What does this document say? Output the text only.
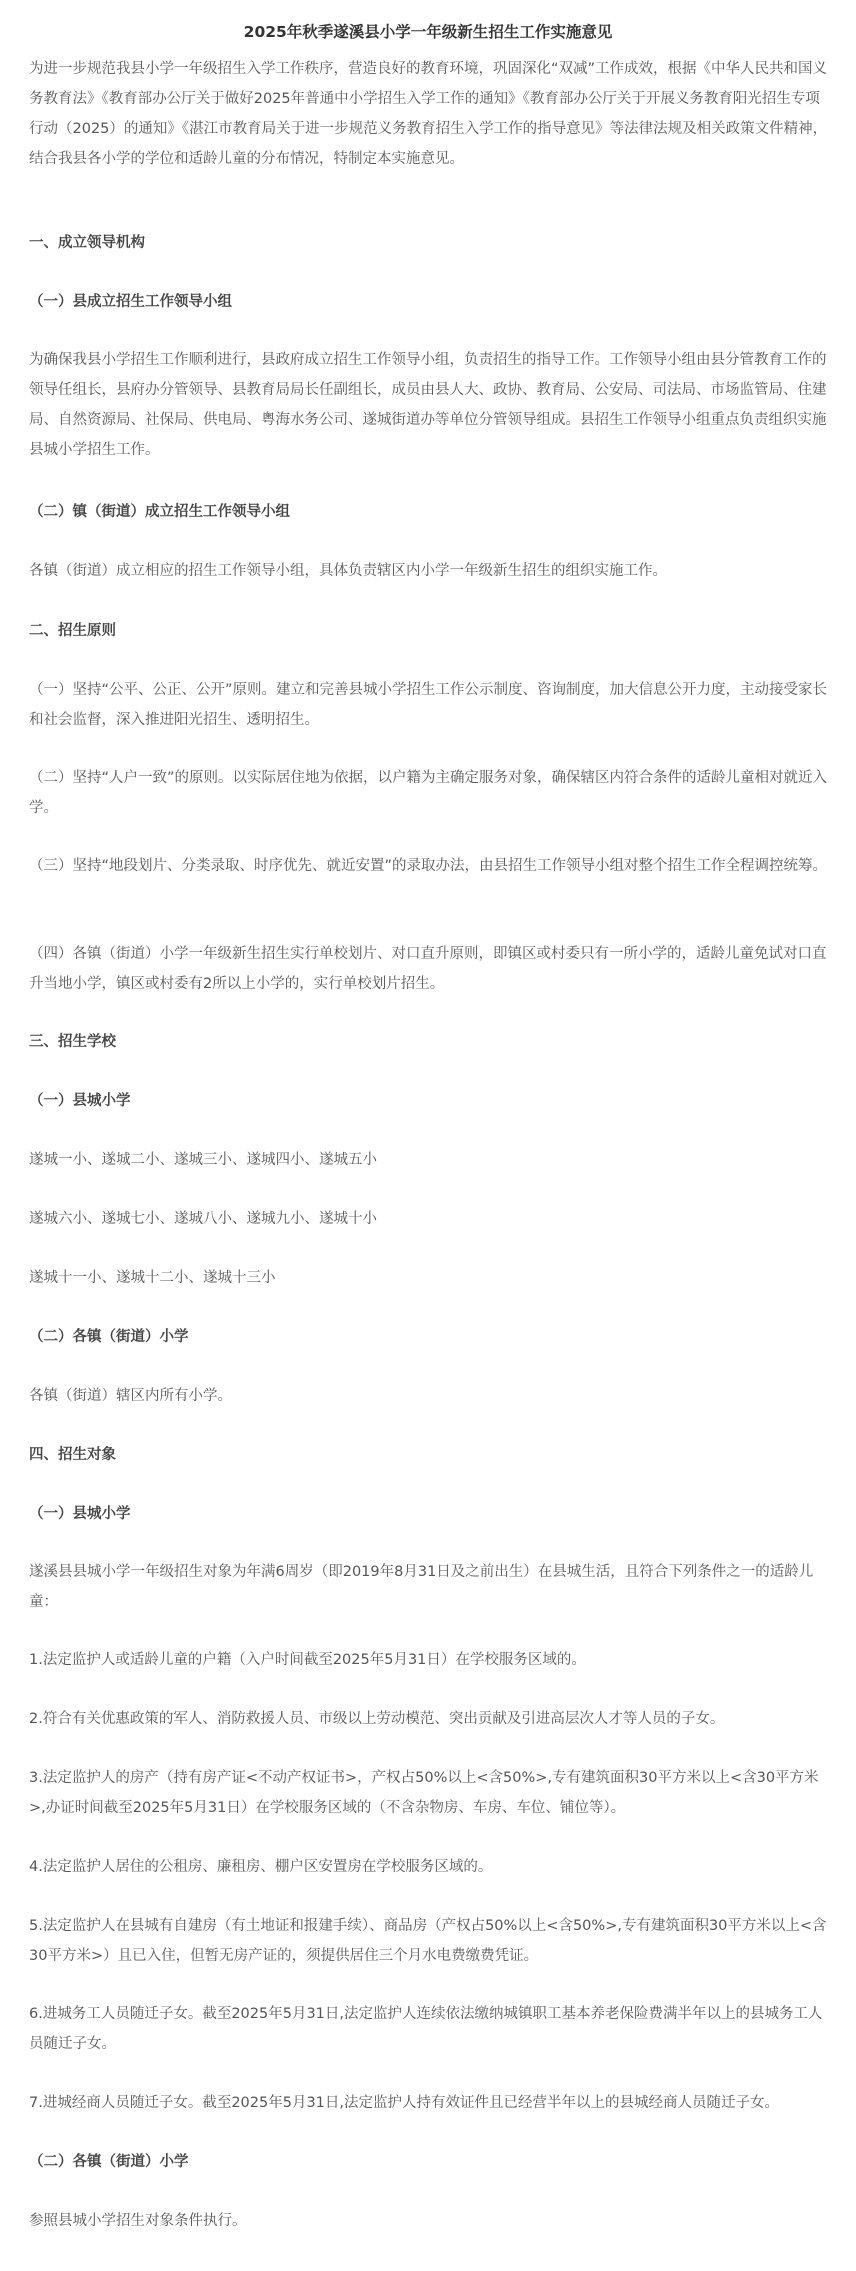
2025年秋季遂溪县小学一年级新生招生工作实施意见

为进一步规范我县小学一年级招生入学工作秩序，营造良好的教育环境，巩固深化“双减”工作成效，根据《中华人民共和国义务教育法》《教育部办公厅关于做好2025年普通中小学招生入学工作的通知》《教育部办公厅关于开展义务教育阳光招生专项行动（2025）的通知》《湛江市教育局关于进一步规范义务教育招生入学工作的指导意见》等法律法规及相关政策文件精神，结合我县各小学的学位和适龄儿童的分布情况，特制定本实施意见。

一、成立领导机构

（一）县成立招生工作领导小组

为确保我县小学招生工作顺利进行，县政府成立招生工作领导小组，负责招生的指导工作。工作领导小组由县分管教育工作的领导任组长，县府办分管领导、县教育局局长任副组长，成员由县人大、政协、教育局、公安局、司法局、市场监管局、住建局、自然资源局、社保局、供电局、粤海水务公司、遂城街道办等单位分管领导组成。县招生工作领导小组重点负责组织实施县城小学招生工作。

（二）镇（街道）成立招生工作领导小组

各镇（街道）成立相应的招生工作领导小组，具体负责辖区内小学一年级新生招生的组织实施工作。

二、招生原则

（一）坚持“公平、公正、公开”原则。建立和完善县城小学招生工作公示制度、咨询制度，加大信息公开力度，主动接受家长和社会监督，深入推进阳光招生、透明招生。

（二）坚持“人户一致”的原则。以实际居住地为依据，以户籍为主确定服务对象，确保辖区内符合条件的适龄儿童相对就近入学。

（三）坚持“地段划片、分类录取、时序优先、就近安置”的录取办法，由县招生工作领导小组对整个招生工作全程调控统筹。

（四）各镇（街道）小学一年级新生招生实行单校划片、对口直升原则，即镇区或村委只有一所小学的，适龄儿童免试对口直升当地小学，镇区或村委有2所以上小学的，实行单校划片招生。

三、招生学校

（一）县城小学

遂城一小、遂城二小、遂城三小、遂城四小、遂城五小

遂城六小、遂城七小、遂城八小、遂城九小、遂城十小

遂城十一小、遂城十二小、遂城十三小

（二）各镇（街道）小学

各镇（街道）辖区内所有小学。

四、招生对象

（一）县城小学

遂溪县县城小学一年级招生对象为年满6周岁（即2019年8月31日及之前出生）在县城生活，且符合下列条件之一的适龄儿童：

1.法定监护人或适龄儿童的户籍（入户时间截至2025年5月31日）在学校服务区域的。

2.符合有关优惠政策的军人、消防救援人员、市级以上劳动模范、突出贡献及引进高层次人才等人员的子女。

3.法定监护人的房产（持有房产证<不动产权证书>，产权占50%以上<含50%>,专有建筑面积30平方米以上<含30平方米>,办证时间截至2025年5月31日）在学校服务区域的（不含杂物房、车房、车位、铺位等）。

4.法定监护人居住的公租房、廉租房、棚户区安置房在学校服务区域的。

5.法定监护人在县城有自建房（有土地证和报建手续）、商品房（产权占50%以上<含50%>,专有建筑面积30平方米以上<含30平方米>）且已入住，但暂无房产证的，须提供居住三个月水电费缴费凭证。

6.进城务工人员随迁子女。截至2025年5月31日,法定监护人连续依法缴纳城镇职工基本养老保险费满半年以上的县城务工人员随迁子女。

7.进城经商人员随迁子女。截至2025年5月31日,法定监护人持有效证件且已经营半年以上的县城经商人员随迁子女。

（二）各镇（街道）小学

参照县城小学招生对象条件执行。
